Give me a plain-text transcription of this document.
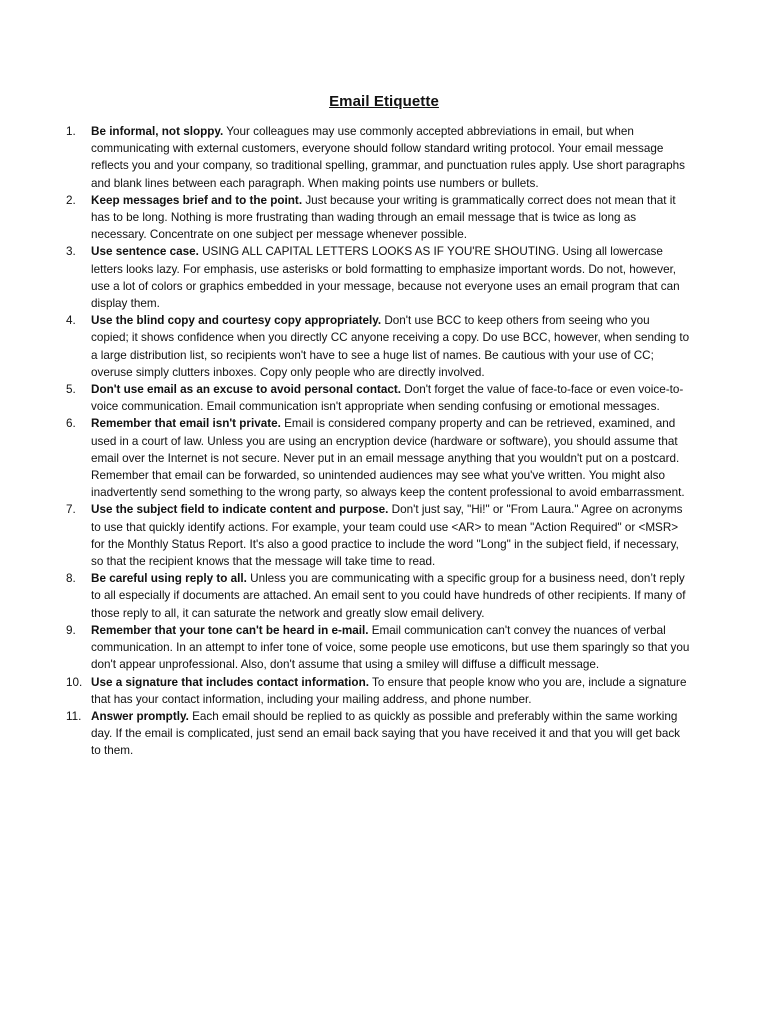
Email Etiquette
1.	Be informal, not sloppy. Your colleagues may use commonly accepted abbreviations in email, but when communicating with external customers, everyone should follow standard writing protocol. Your email message reflects you and your company, so traditional spelling, grammar, and punctuation rules apply. Use short paragraphs and blank lines between each paragraph. When making points use numbers or bullets.
2.	Keep messages brief and to the point. Just because your writing is grammatically correct does not mean that it has to be long. Nothing is more frustrating than wading through an email message that is twice as long as necessary. Concentrate on one subject per message whenever possible.
3.	Use sentence case. USING ALL CAPITAL LETTERS LOOKS AS IF YOU'RE SHOUTING. Using all lowercase letters looks lazy. For emphasis, use asterisks or bold formatting to emphasize important words. Do not, however, use a lot of colors or graphics embedded in your message, because not everyone uses an email program that can display them.
4.	Use the blind copy and courtesy copy appropriately. Don't use BCC to keep others from seeing who you copied; it shows confidence when you directly CC anyone receiving a copy. Do use BCC, however, when sending to a large distribution list, so recipients won't have to see a huge list of names. Be cautious with your use of CC; overuse simply clutters inboxes. Copy only people who are directly involved.
5.	Don't use email as an excuse to avoid personal contact. Don't forget the value of face-to-face or even voice-to-voice communication. Email communication isn't appropriate when sending confusing or emotional messages.
6.	Remember that email isn't private. Email is considered company property and can be retrieved, examined, and used in a court of law. Unless you are using an encryption device (hardware or software), you should assume that email over the Internet is not secure. Never put in an email message anything that you wouldn't put on a postcard. Remember that email can be forwarded, so unintended audiences may see what you've written. You might also inadvertently send something to the wrong party, so always keep the content professional to avoid embarrassment.
7.	Use the subject field to indicate content and purpose. Don't just say, "Hi!" or "From Laura." Agree on acronyms to use that quickly identify actions. For example, your team could use <AR> to mean "Action Required" or <MSR> for the Monthly Status Report. It's also a good practice to include the word "Long" in the subject field, if necessary, so that the recipient knows that the message will take time to read.
8.	Be careful using reply to all. Unless you are communicating with a specific group for a business need, don’t reply to all especially if documents are attached. An email sent to you could have hundreds of other recipients. If many of those reply to all, it can saturate the network and greatly slow email delivery.
9.	Remember that your tone can't be heard in e-mail. Email communication can't convey the nuances of verbal communication. In an attempt to infer tone of voice, some people use emoticons, but use them sparingly so that you don't appear unprofessional. Also, don't assume that using a smiley will diffuse a difficult message.
10. Use a signature that includes contact information. To ensure that people know who you are, include a signature that has your contact information, including your mailing address, and phone number.
11. Answer promptly. Each email should be replied to as quickly as possible and preferably within the same working day. If the email is complicated, just send an email back saying that you have received it and that you will get back to them.
